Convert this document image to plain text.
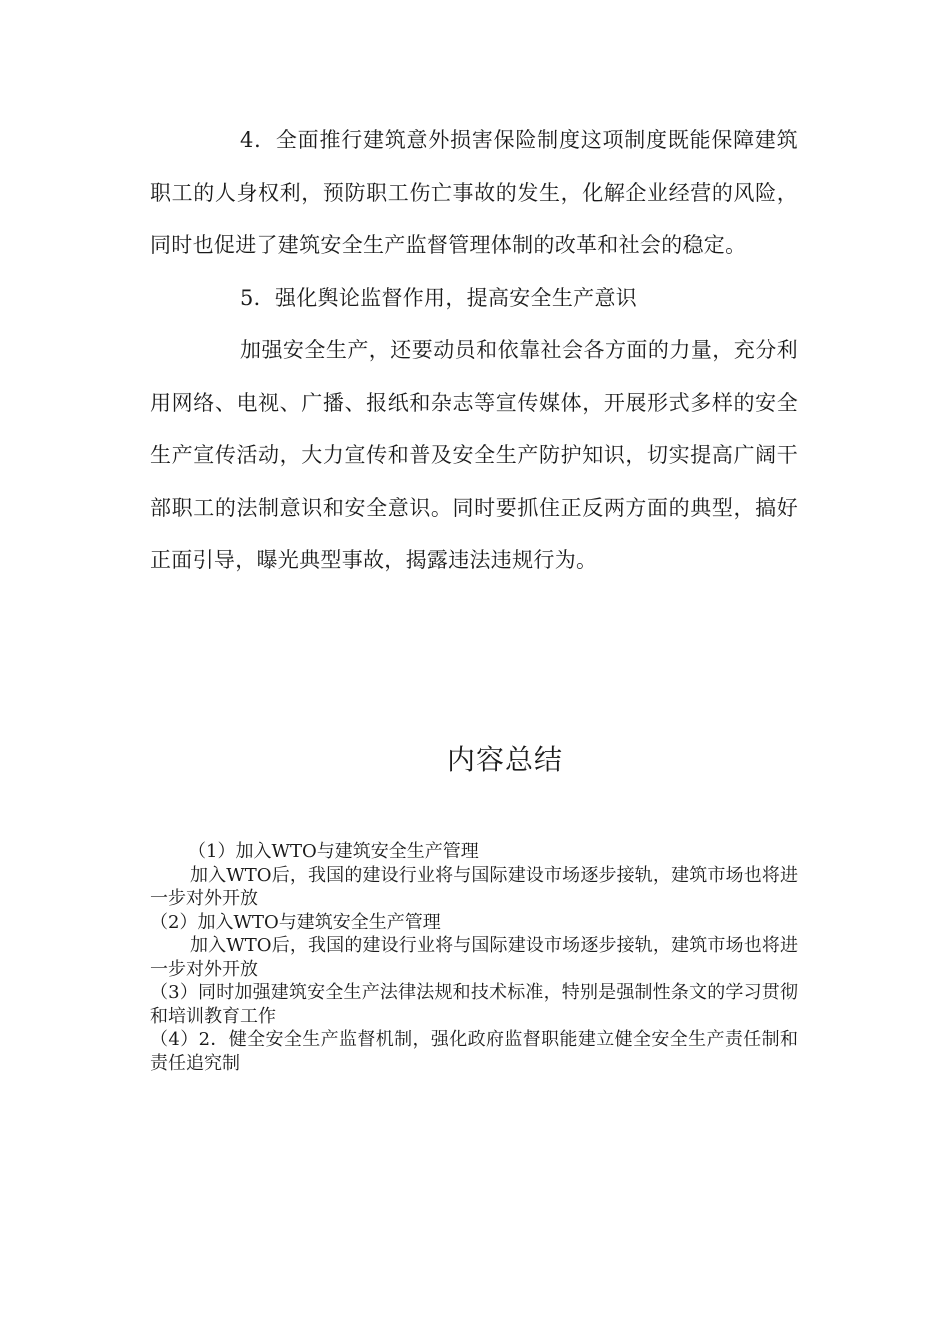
4．全面推行建筑意外损害保险制度这项制度既能保障建筑职工的人身权利，预防职工伤亡事故的发生，化解企业经营的风险，同时也促进了建筑安全生产监督管理体制的改革和社会的稳定。

5．强化舆论监督作用，提高安全生产意识

加强安全生产，还要动员和依靠社会各方面的力量，充分利用网络、电视、广播、报纸和杂志等宣传媒体，开展形式多样的安全生产宣传活动，大力宣传和普及安全生产防护知识，切实提高广阔干部职工的法制意识和安全意识。同时要抓住正反两方面的典型，搞好正面引导，曝光典型事故，揭露违法违规行为。

内容总结

（1）加入WTO与建筑安全生产管理

加入WTO后，我国的建设行业将与国际建设市场逐步接轨，建筑市场也将进一步对外开放

（2）加入WTO与建筑安全生产管理

加入WTO后，我国的建设行业将与国际建设市场逐步接轨，建筑市场也将进一步对外开放

（3）同时加强建筑安全生产法律法规和技术标准，特别是强制性条文的学习贯彻和培训教育工作

（4）2．健全安全生产监督机制，强化政府监督职能建立健全安全生产责任制和责任追究制
